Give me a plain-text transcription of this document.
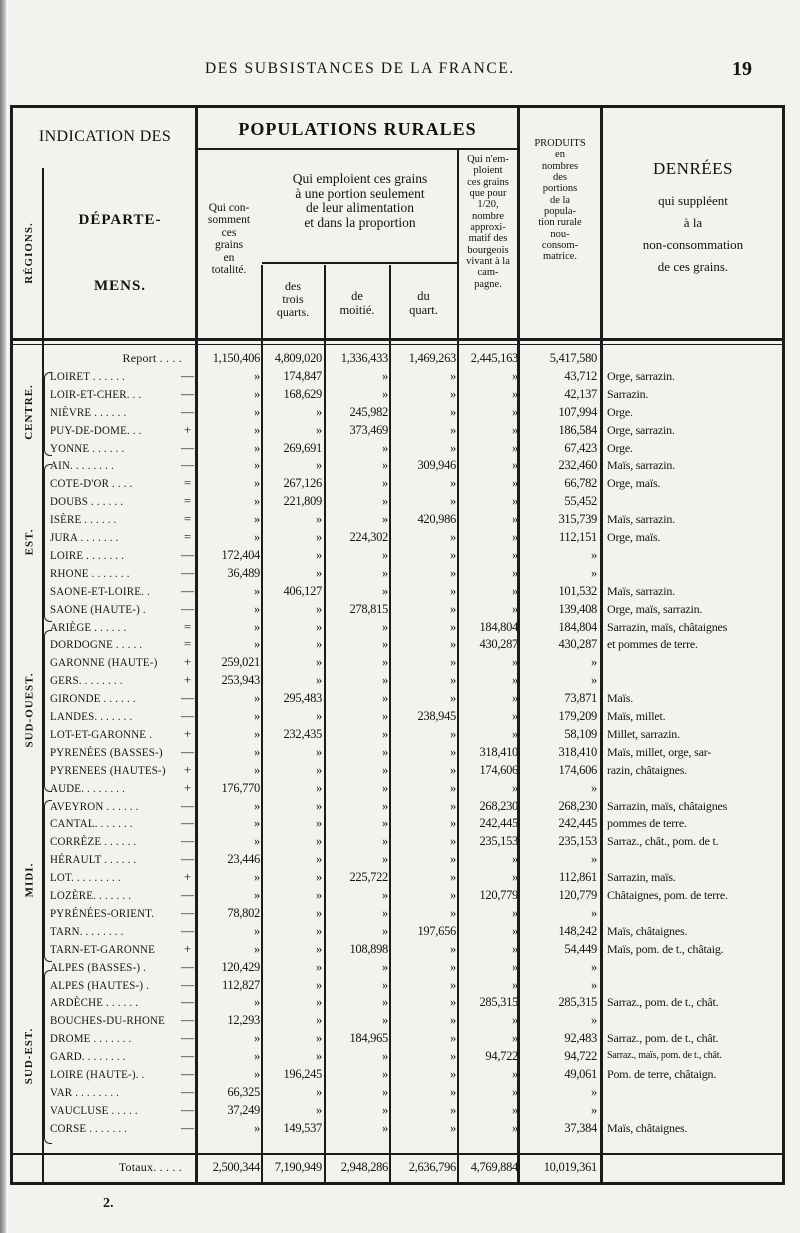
DES SUBSISTANCES DE LA FRANCE.	19
INDICATION DES	POPULATIONS RURALES
RÉGIONS.
DÉPARTE-
MENS.
Qui con-
somment
ces
grains
en
totalité.
Qui emploient ces grains
à une portion seulement
de leur alimentation
et dans la proportion
des
trois
quarts.
de
moitié.
du
quart.
Qui n'em-
ploient
ces grains
que pour
1/20,
nombre
approxi-
matif des
bourgeois
vivant à la
cam-
pagne.
PRODUITS
en
nombres
des
portions
de la
popula-
tion rurale
nou-
consom-
matrice.
DENRÉES
qui suppléent
à la
non-consommation
de ces grains.
CENTRE.
EST.
SUD-OUEST.
MIDI.
SUD-EST.
Report . . . .	1,150,406	4,809,020	1,336,433	1,469,263	2,445,163	5,417,580
LOIRET . . . . . .	—	»	174,847	»	»	»	43,712 Orge, sarrazin.
LOIR-ET-CHER. . .	—	»	168,629	»	»	»	42,137 Sarrazin.
NIÈVRE . . . . . .	—	»	»	245,982	»	»	107,994 Orge.
PUY-DE-DOME. . .	+	»	»	373,469	»	»	186,584 Orge, sarrazin.
YONNE . . . . . .	—	»	269,691	»	»	»	67,423 Orge.
AIN. . . . . . . .	—	»	»	»	309,946	»	232,460 Maïs, sarrazin.
COTE-D'OR . . . .	=	»	267,126	»	»	»	66,782 Orge, maïs.
DOUBS . . . . . .	=	»	221,809	»	»	»	55,452
ISÈRE . . . . . .	=	»	»	»	420,986	»	315,739 Maïs, sarrazin.
JURA . . . . . . .	=	»	»	224,302	»	»	112,151 Orge, maïs.
LOIRE . . . . . . .	—	172,404	»	»	»	»	»
RHONE . . . . . . .	—	36,489	»	»	»	»	»
SAONE-ET-LOIRE. .	—	»	406,127	»	»	»	101,532 Maïs, sarrazin.
SAONE (HAUTE-) .	—	»	»	278,815	»	»	139,408 Orge, maïs, sarrazin.
ARIÈGE . . . . . .	=	»	»	»	»	184,804	184,804 Sarrazin, maïs, châtaignes
DORDOGNE . . . . .	=	»	»	»	»	430,287	430,287 et pommes de terre.
GARONNE (HAUTE-)	+	259,021	»	»	»	»	»
GERS. . . . . . . .	+	253,943	»	»	»	»	»
GIRONDE . . . . . .	—	»	295,483	»	»	»	73,871 Maïs.
LANDES. . . . . . .	—	»	»	»	238,945	»	179,209 Maïs, millet.
LOT-ET-GARONNE .	+	»	232,435	»	»	»	58,109 Millet, sarrazin.
PYRENÉES (BASSES-)	—	»	»	»	»	318,410	318,410 Maïs, millet, orge, sar-
PYRENEES (HAUTES-)	+	»	»	»	»	174,606	174,606 razin, châtaignes.
AUDE. . . . . . . .	+	176,770	»	»	»	»	»
AVEYRON . . . . . .	—	»	»	»	»	268,230	268,230 Sarrazin, maïs, châtaignes
CANTAL. . . . . . .	—	»	»	»	»	242,445	242,445 pommes de terre.
CORRÈZE . . . . . .	—	»	»	»	»	235,153	235,153 Sarraz., chât., pom. de t.
HÉRAULT . . . . . .	—	23,446	»	»	»	»	»
LOT. . . . . . . . .	+	»	»	225,722	»	»	112,861 Sarrazin, maïs.
LOZÈRE. . . . . . .	—	»	»	»	»	120,779	120,779 Châtaignes, pom. de terre.
PYRÉNÉES-ORIENT.	—	78,802	»	»	»	»	»
TARN. . . . . . . .	—	»	»	»	197,656	»	148,242 Maïs, châtaignes.
TARN-ET-GARONNE	+	»	»	108,898	»	»	54,449 Maïs, pom. de t., châtaig.
ALPES (BASSES-) .	—	120,429	»	»	»	»	»
ALPES (HAUTES-) .	—	112,827	»	»	»	»	»
ARDÈCHE . . . . . .	—	»	»	»	»	285,315	285,315 Sarraz., pom. de t., chât.
BOUCHES-DU-RHONE	—	12,293	»	»	»	»	»
DROME . . . . . . .	—	»	»	184,965	»	»	92,483 Sarraz., pom. de t., chât.
GARD. . . . . . . .	—	»	»	»	»	94,722	94,722 Sarraz., maïs, pom. de t., chât.
LOIRE (HAUTE-). .	—	»	196,245	»	»	»	49,061 Pom. de terre, châtaign.
VAR . . . . . . . .	—	66,325	»	»	»	»	»
VAUCLUSE . . . . .	—	37,249	»	»	»	»	»
CORSE . . . . . . .	—	»	149,537	»	»	»	37,384 Maïs, châtaignes.
Totaux. . . . .	2,500,344	7,190,949	2,948,286	2,636,796	4,769,884	10,019,361
2.
